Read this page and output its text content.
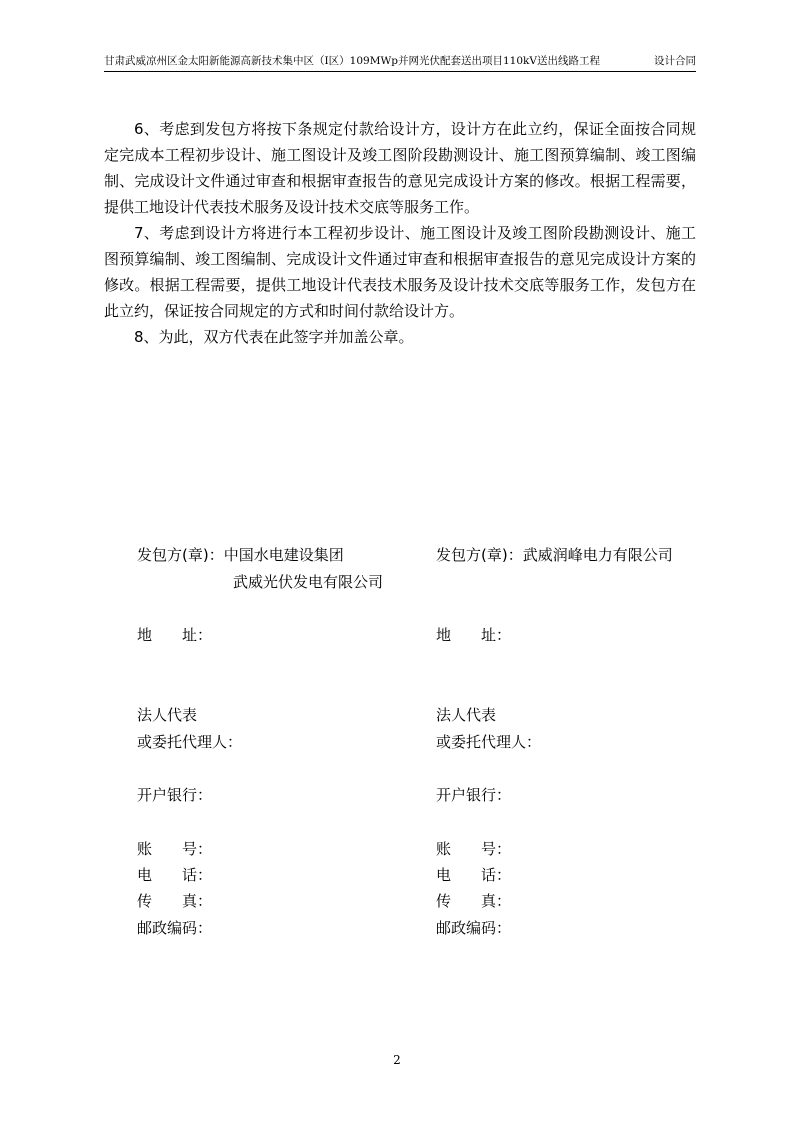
甘肃武威凉州区金太阳新能源高新技术集中区（Ⅰ区）109MWp并网光伏配套送出项目110kV送出线路工程	设计合同

6、考虑到发包方将按下条规定付款给设计方，设计方在此立约，保证全面按合同规定完成本工程初步设计、施工图设计及竣工图阶段勘测设计、施工图预算编制、竣工图编制、完成设计文件通过审查和根据审查报告的意见完成设计方案的修改。根据工程需要，提供工地设计代表技术服务及设计技术交底等服务工作。

7、考虑到设计方将进行本工程初步设计、施工图设计及竣工图阶段勘测设计、施工图预算编制、竣工图编制、完成设计文件通过审查和根据审查报告的意见完成设计方案的修改。根据工程需要，提供工地设计代表技术服务及设计技术交底等服务工作，发包方在此立约，保证按合同规定的方式和时间付款给设计方。

8、为此，双方代表在此签字并加盖公章。

发包方(章)：中国水电建设集团
武威光伏发电有限公司
地　　址：
法人代表
或委托代理人：
开户银行：
账　　号：
电　　话：
传　　真：
邮政编码：
发包方(章)：武威润峰电力有限公司
地　　址：
法人代表
或委托代理人：
开户银行：
账　　号：
电　　话：
传　　真：
邮政编码：
2
